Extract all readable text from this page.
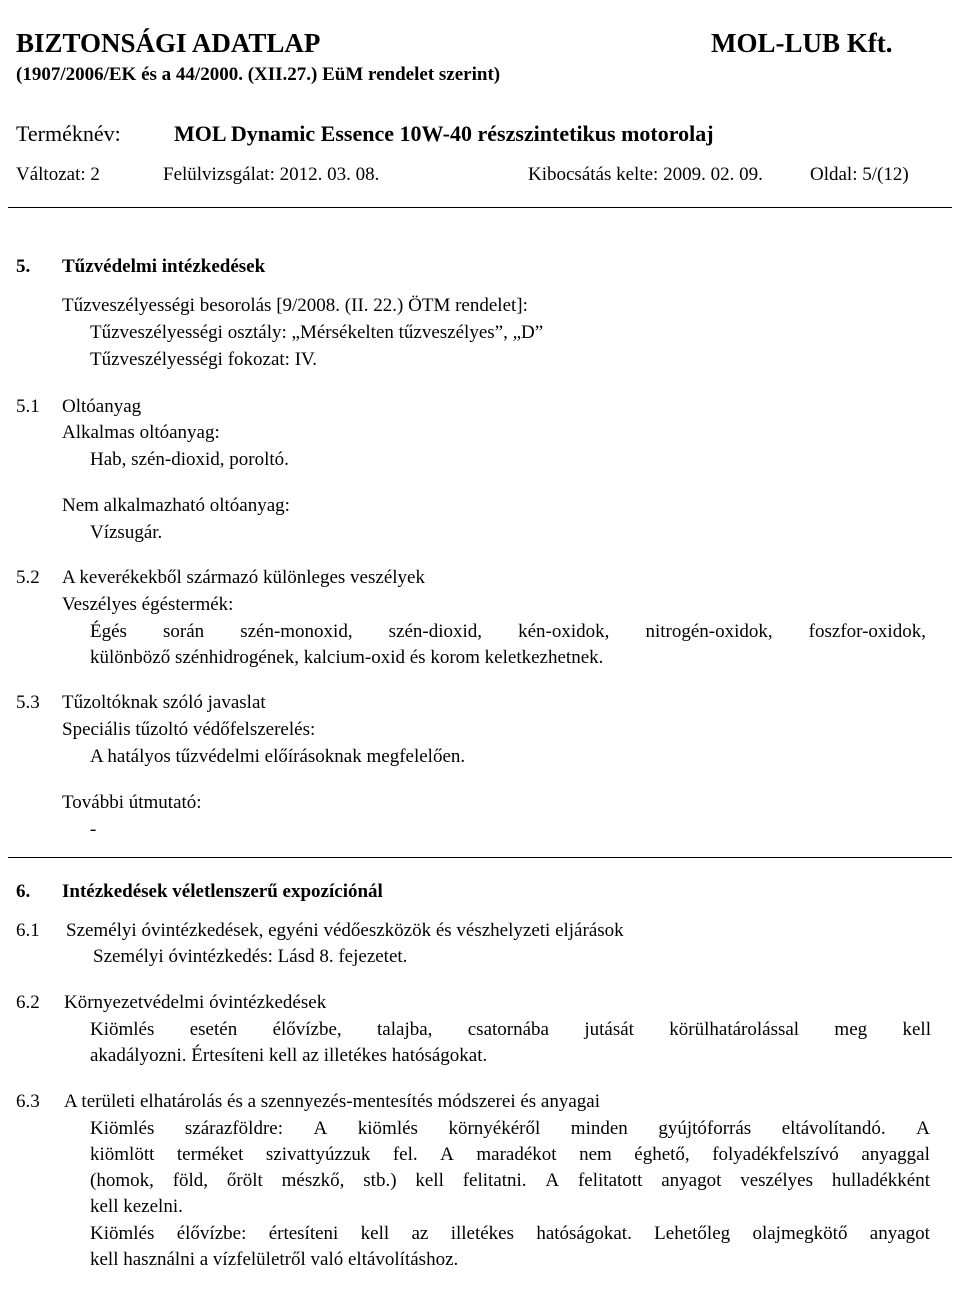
BIZTONSÁGI ADATLAP	MOL-LUB Kft.
(1907/2006/EK és a 44/2000. (XII.27.) EüM rendelet szerint)
Terméknév: MOL Dynamic Essence 10W-40 részszintetikus motorolaj
Változat: 2	Felülvizsgálat: 2012. 03. 08.	Kibocsátás kelte: 2009. 02. 09. Oldal: 5/(12)
5. Tűzvédelmi intézkedések
Tűzveszélyességi besorolás [9/2008. (II. 22.) ÖTM rendelet]:
Tűzveszélyességi osztály: „Mérsékelten tűzveszélyes”, „D”
Tűzveszélyességi fokozat: IV.
5.1 Oltóanyag
Alkalmas oltóanyag:
Hab, szén-dioxid, poroltó.
Nem alkalmazható oltóanyag:
Vízsugár.
5.2 A keverékekből származó különleges veszélyek
Veszélyes égéstermék:
Égés során szén-monoxid, szén-dioxid, kén-oxidok, nitrogén-oxidok, foszfor-oxidok,
különböző szénhidrogének, kalcium-oxid és korom keletkezhetnek.
5.3 Tűzoltóknak szóló javaslat
Speciális tűzoltó védőfelszerelés:
A hatályos tűzvédelmi előírásoknak megfelelően.
További útmutató:
-
6. Intézkedések véletlenszerű expozíciónál
6.1 Személyi óvintézkedések, egyéni védőeszközök és vészhelyzeti eljárások
Személyi óvintézkedés: Lásd 8. fejezetet.
6.2 Környezetvédelmi óvintézkedések
Kiömlés esetén élővízbe, talajba, csatornába jutását körülhatárolással meg kell
akadályozni. Értesíteni kell az illetékes hatóságokat.
6.3 A területi elhatárolás és a szennyezés-mentesítés módszerei és anyagai
Kiömlés szárazföldre: A kiömlés környékéről minden gyújtóforrás eltávolítandó. A
kiömlött terméket szivattyúzzuk fel. A maradékot nem éghető, folyadékfelszívó anyaggal
(homok, föld, őrölt mészkő, stb.) kell felitatni. A felitatott anyagot veszélyes hulladékként
kell kezelni.
Kiömlés élővízbe: értesíteni kell az illetékes hatóságokat. Lehetőleg olajmegkötő anyagot
kell használni a vízfelületről való eltávolításhoz.
